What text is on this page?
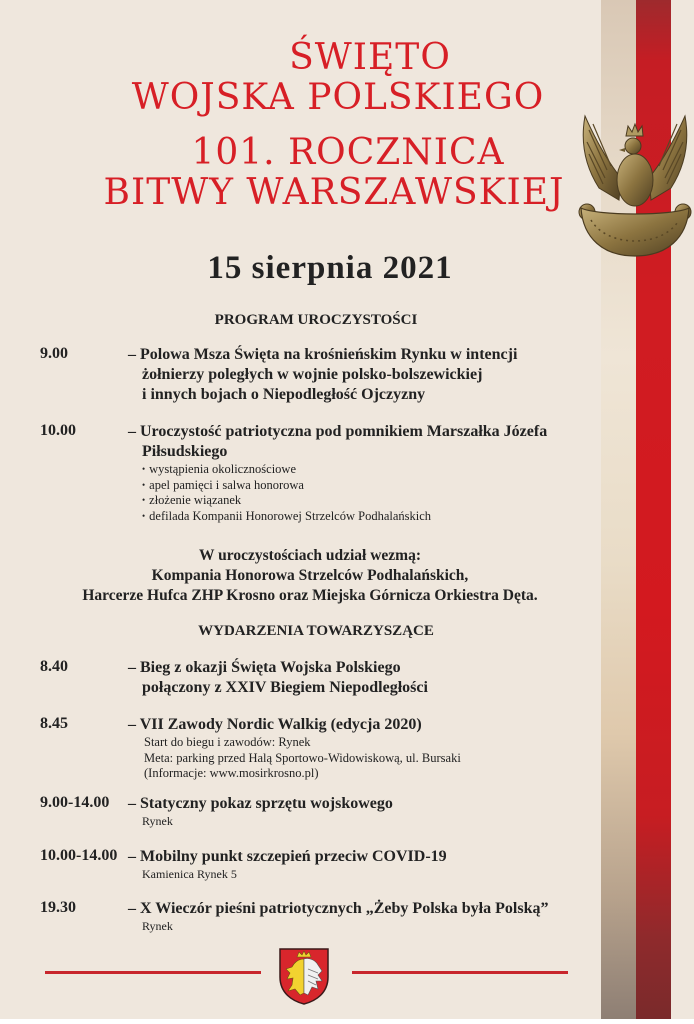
ŚWIĘTO
WOJSKA POLSKIEGO
101. ROCZNICA
BITWY WARSZAWSKIEJ
15 sierpnia 2021
PROGRAM UROCZYSTOŚCI
9.00	– Polowa Msza Święta na krośnieńskim Rynku w intencji
żołnierzy poległych w wojnie polsko-bolszewickiej
i innych bojach o Niepodległość Ojczyzny
10.00	– Uroczystość patriotyczna pod pomnikiem Marszałka Józefa
Piłsudskiego
• wystąpienia okolicznościowe
• apel pamięci i salwa honorowa
• złożenie wiązanek
• defilada Kompanii Honorowej Strzelców Podhalańskich
W uroczystościach udział wezmą:
Kompania Honorowa Strzelców Podhalańskich,
Harcerze Hufca ZHP Krosno oraz Miejska Górnicza Orkiestra Dęta.
WYDARZENIA TOWARZYSZĄCE
8.40	– Bieg z okazji Święta Wojska Polskiego
połączony z XXIV Biegiem Niepodległości
8.45	– VII Zawody Nordic Walkig (edycja 2020)
Start do biegu i zawodów: Rynek
Meta: parking przed Halą Sportowo-Widowiskową, ul. Bursaki
(Informacje: www.mosirkrosno.pl)
9.00-14.00 – Statyczny pokaz sprzętu wojskowego
Rynek
10.00-14.00 – Mobilny punkt szczepień przeciw COVID-19
Kamienica Rynek 5
19.30	– X Wieczór pieśni patriotycznych „Żeby Polska była Polską”
Rynek
